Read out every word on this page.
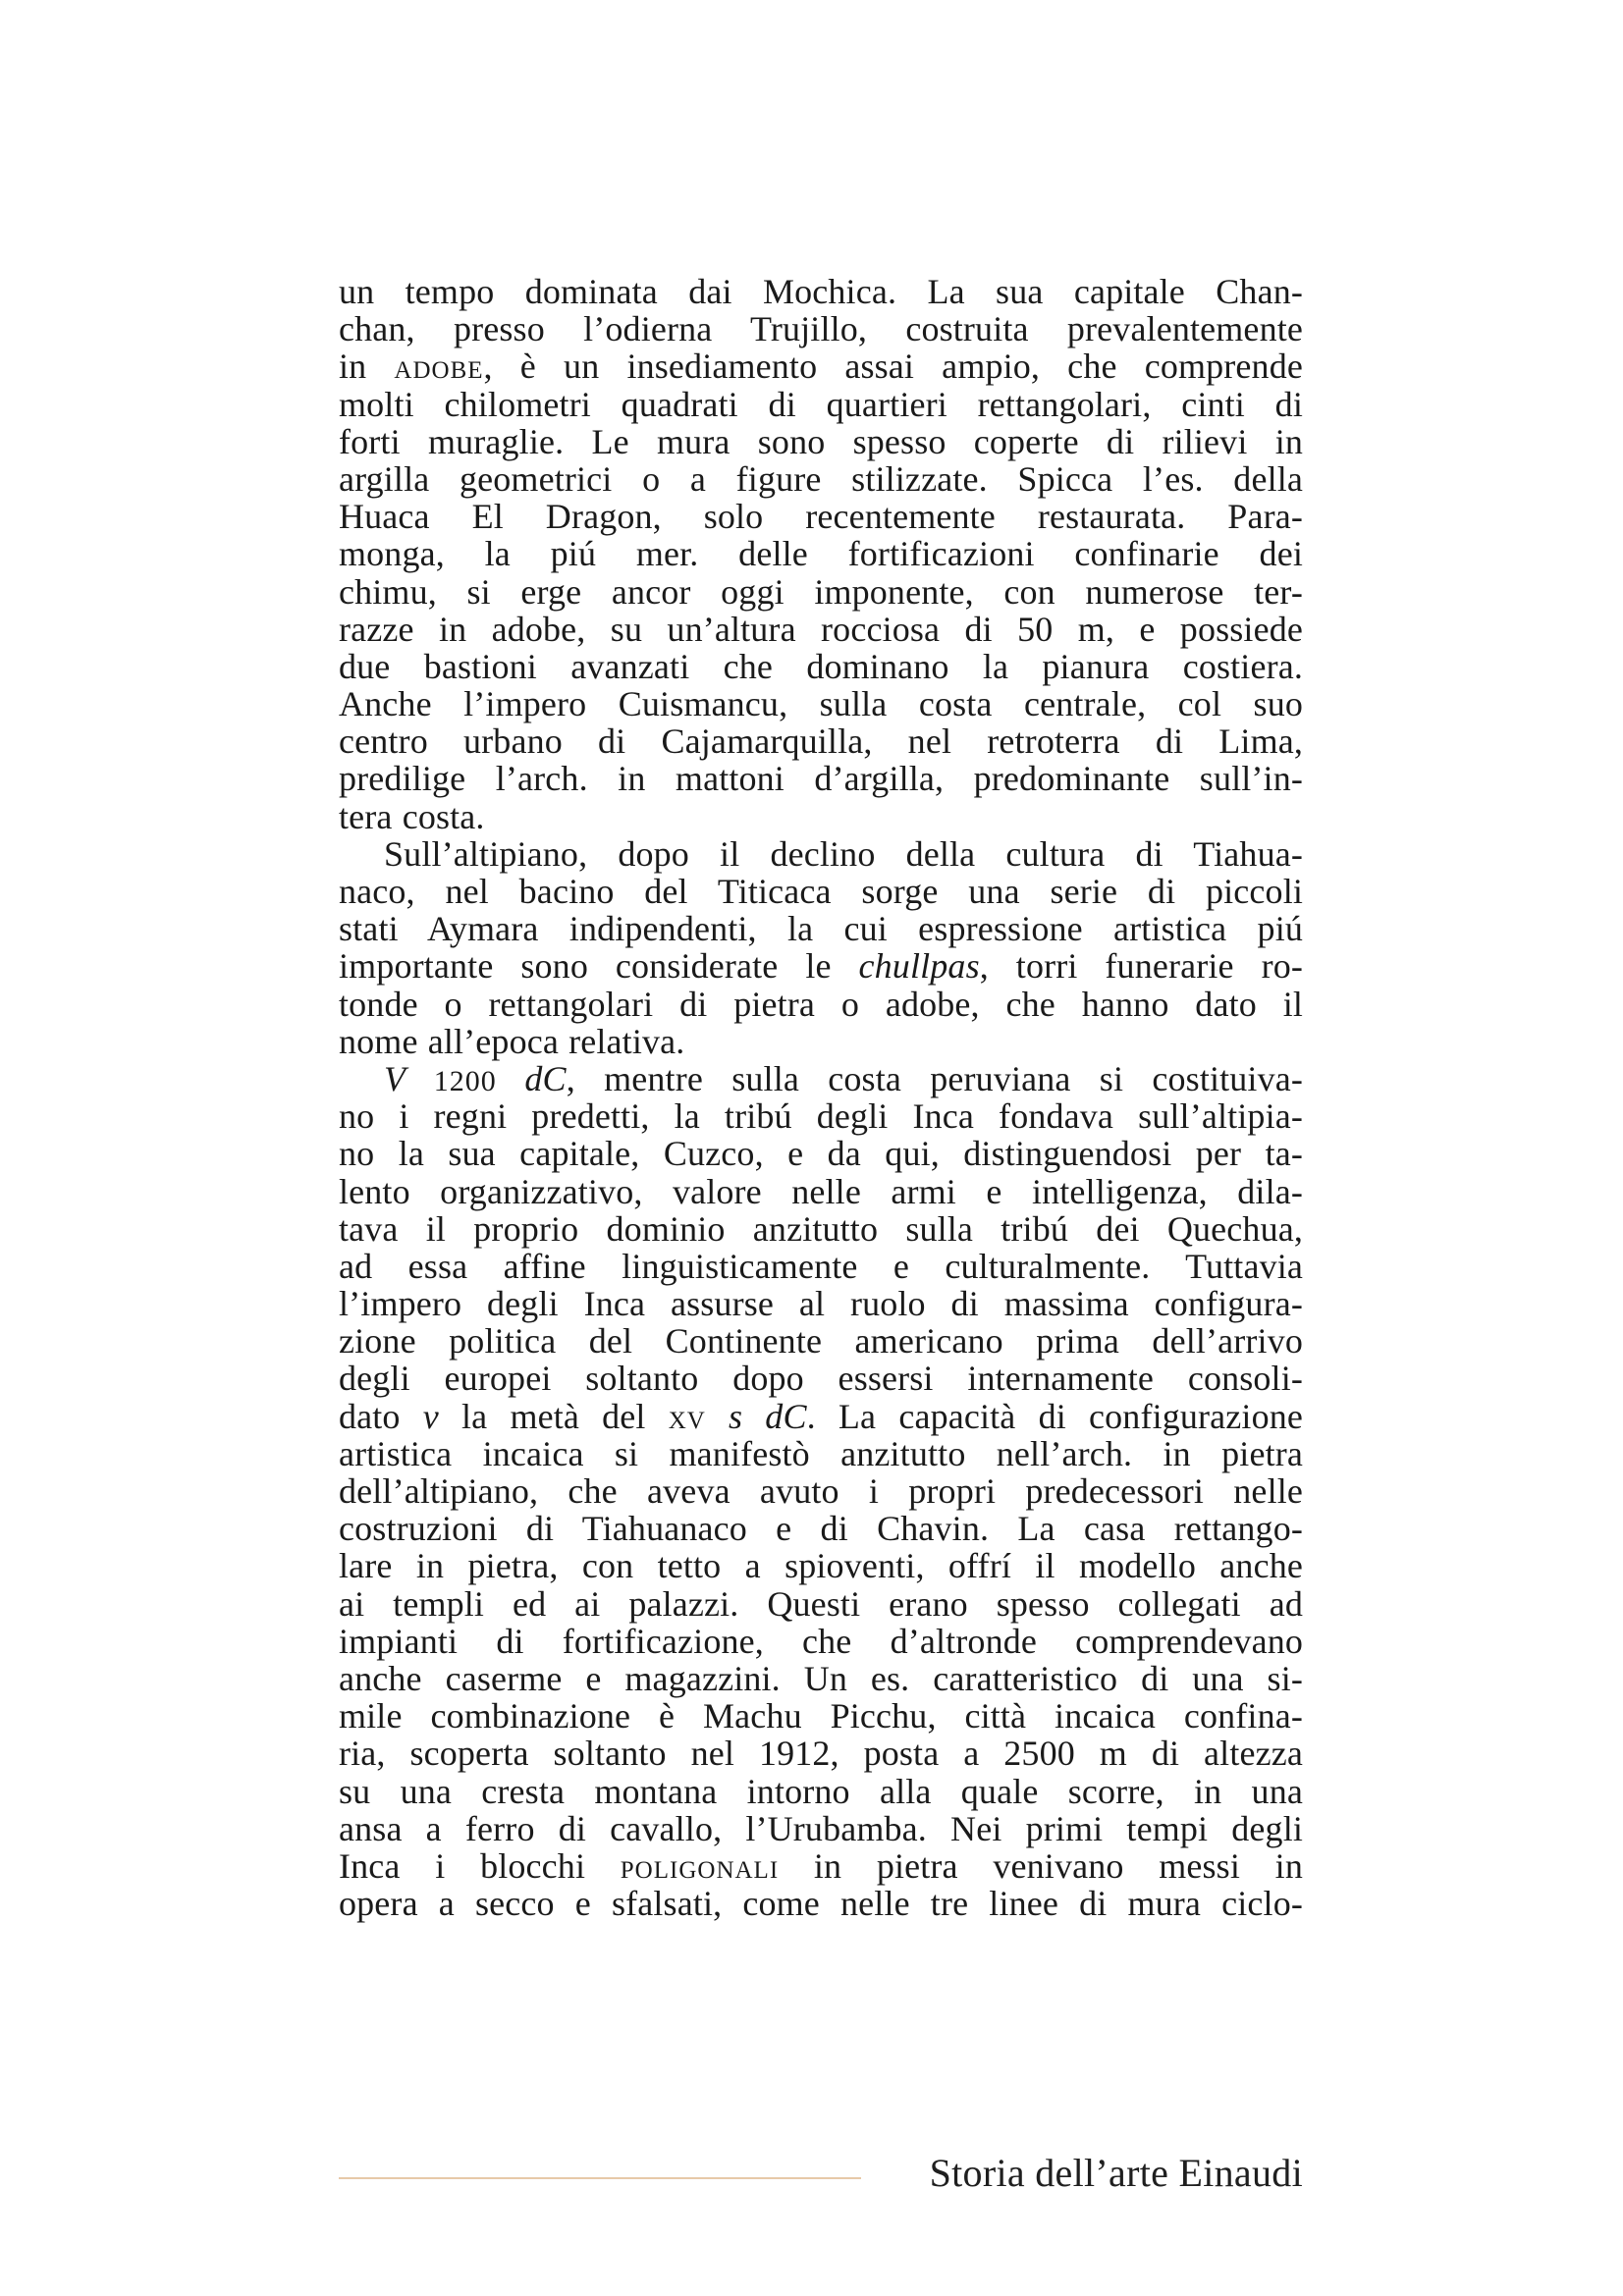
un tempo dominata dai Mochica. La sua capitale Chan-
chan, presso l’odierna Trujillo, costruita prevalentemente
in adobe, è un insediamento assai ampio, che comprende
molti chilometri quadrati di quartieri rettangolari, cinti di
forti muraglie. Le mura sono spesso coperte di rilievi in
argilla geometrici o a figure stilizzate. Spicca l’es. della
Huaca El Dragon, solo recentemente restaurata. Para-
monga, la piú mer. delle fortificazioni confinarie dei
chimu, si erge ancor oggi imponente, con numerose ter-
razze in adobe, su un’altura rocciosa di 50 m, e possiede
due bastioni avanzati che dominano la pianura costiera.
Anche l’impero Cuismancu, sulla costa centrale, col suo
centro urbano di Cajamarquilla, nel retroterra di Lima,
predilige l’arch. in mattoni d’argilla, predominante sull’in-
tera costa.
Sull’altipiano, dopo il declino della cultura di Tiahua-
naco, nel bacino del Titicaca sorge una serie di piccoli
stati Aymara indipendenti, la cui espressione artistica piú
importante sono considerate le chullpas, torri funerarie ro-
tonde o rettangolari di pietra o adobe, che hanno dato il
nome all’epoca relativa.
V 1200 dC, mentre sulla costa peruviana si costituiva-
no i regni predetti, la tribú degli Inca fondava sull’altipia-
no la sua capitale, Cuzco, e da qui, distinguendosi per ta-
lento organizzativo, valore nelle armi e intelligenza, dila-
tava il proprio dominio anzitutto sulla tribú dei Quechua,
ad essa affine linguisticamente e culturalmente. Tuttavia
l’impero degli Inca assurse al ruolo di massima configura-
zione politica del Continente americano prima dell’arrivo
degli europei soltanto dopo essersi internamente consoli-
dato v la metà del xv s dC. La capacità di configurazione
artistica incaica si manifestò anzitutto nell’arch. in pietra
dell’altipiano, che aveva avuto i propri predecessori nelle
costruzioni di Tiahuanaco e di Chavin. La casa rettango-
lare in pietra, con tetto a spioventi, offrí il modello anche
ai templi ed ai palazzi. Questi erano spesso collegati ad
impianti di fortificazione, che d’altronde comprendevano
anche caserme e magazzini. Un es. caratteristico di una si-
mile combinazione è Machu Picchu, città incaica confina-
ria, scoperta soltanto nel 1912, posta a 2500 m di altezza
su una cresta montana intorno alla quale scorre, in una
ansa a ferro di cavallo, l’Urubamba. Nei primi tempi degli
Inca i blocchi poligonali in pietra venivano messi in
opera a secco e sfalsati, come nelle tre linee di mura ciclo-
Storia dell’arte Einaudi
